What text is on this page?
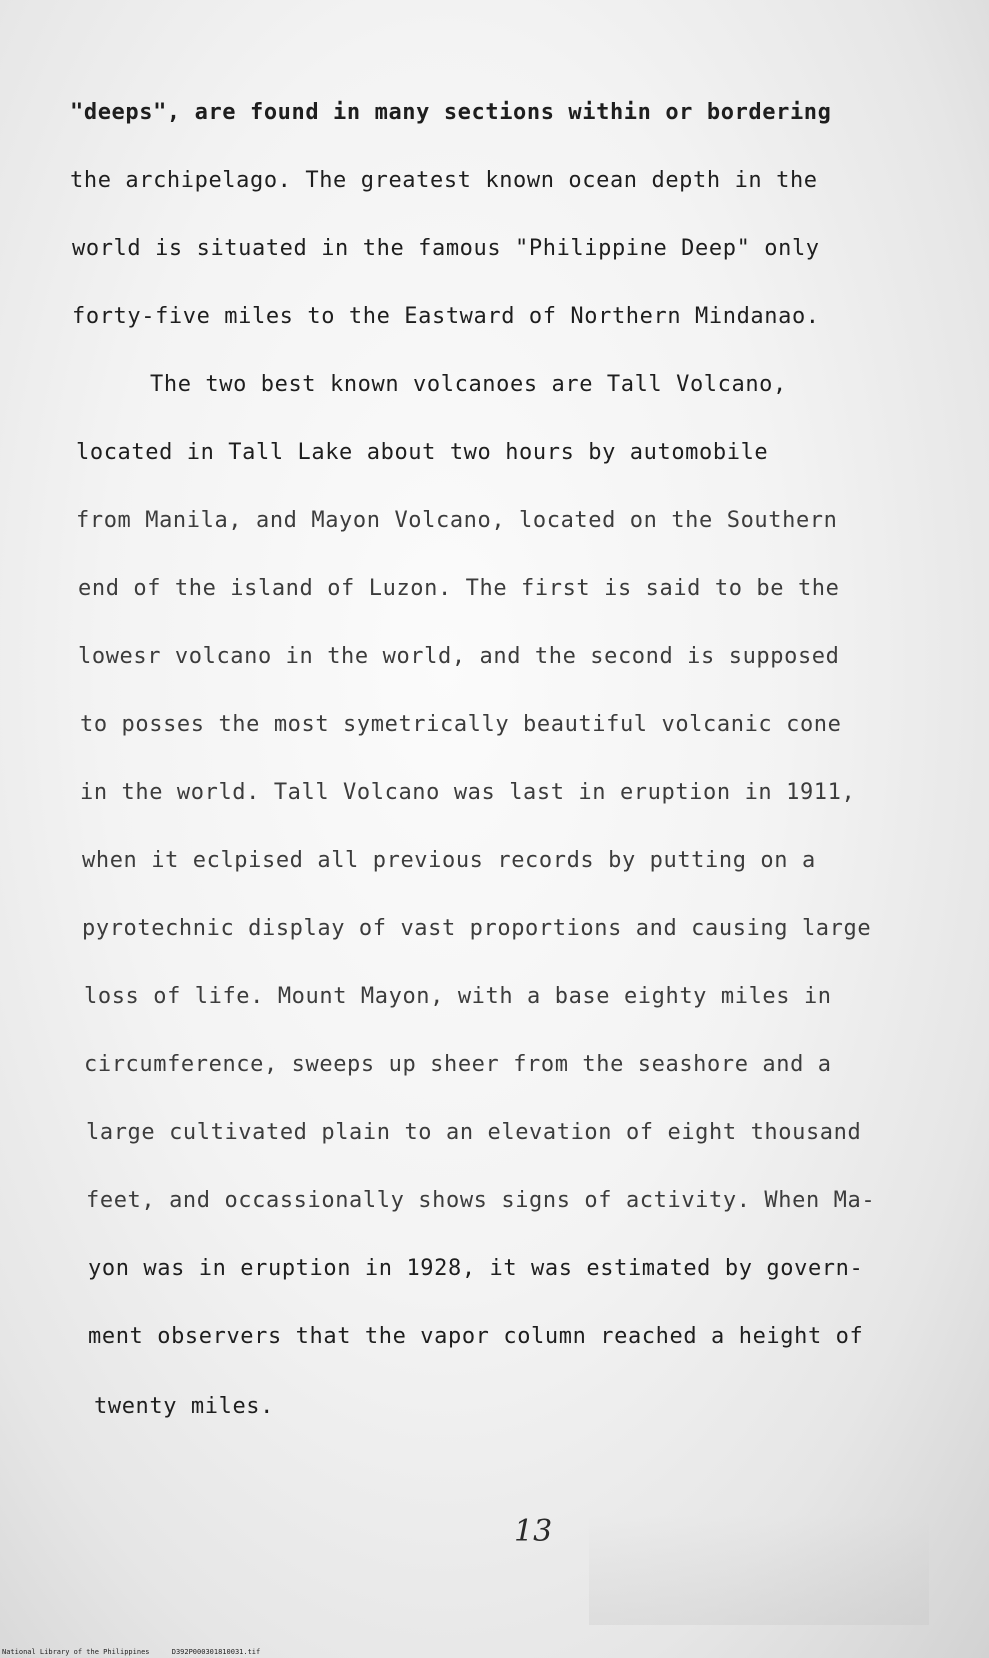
"deeps", are found in many sections within or bordering
the archipelago. The greatest known ocean depth in the
world is situated in the famous "Philippine Deep" only
forty-five miles to the Eastward of Northern Mindanao.
The two best known volcanoes are Tall Volcano,
located in Tall Lake about two hours by automobile
from Manila, and Mayon Volcano, located on the Southern
end of the island of Luzon. The first is said to be the
lowesr volcano in the world, and the second is supposed
to posses the most symetrically beautiful volcanic cone
in the world. Tall Volcano was last in eruption in 1911,
when it eclpised all previous records by putting on a
pyrotechnic display of vast proportions and causing large
loss of life. Mount Mayon, with a base eighty miles in
circumference, sweeps up sheer from the seashore and a
large cultivated plain to an elevation of eight thousand
feet, and occassionally shows signs of activity. When Ma-
yon was in eruption in 1928, it was estimated by govern-
ment observers that the vapor column reached a height of
twenty miles.
13
National Library of the Philippines	D392P000301810031.tif
